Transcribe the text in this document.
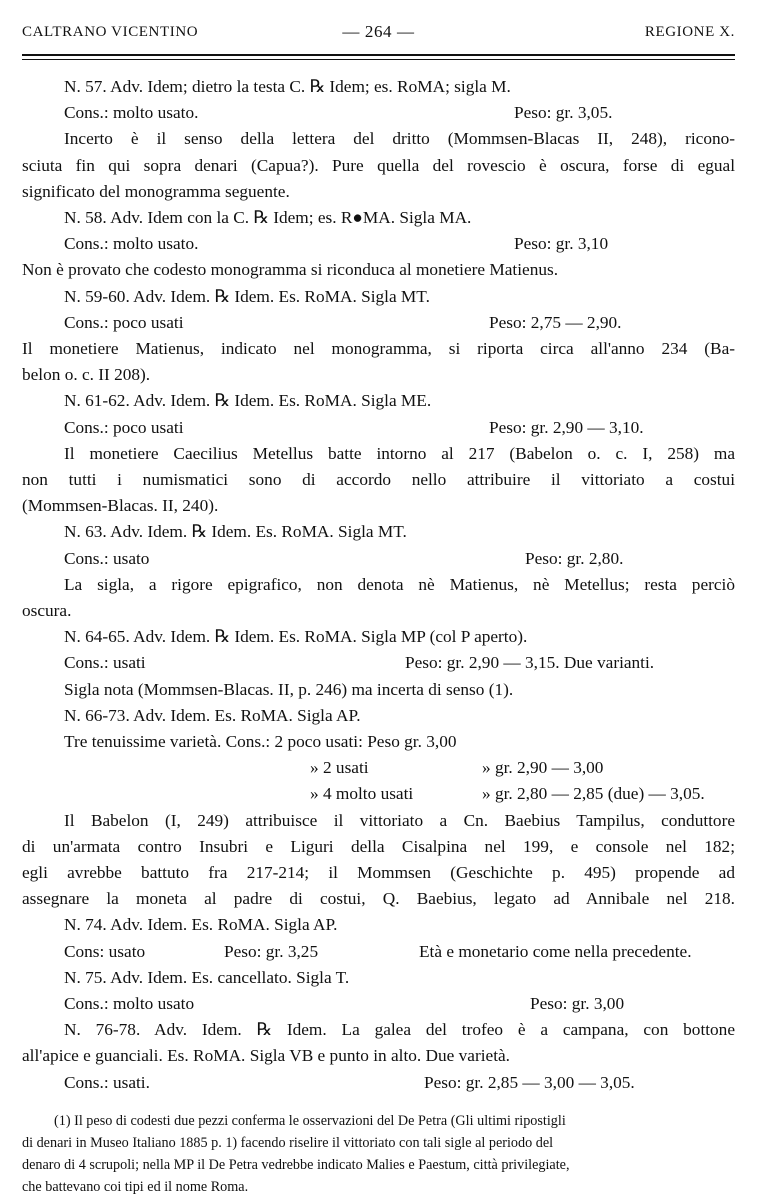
CALTRANO VICENTINO	— 264 —	REGIONE X.
N. 57. Adv. Idem; dietro la testa C. ℞ Idem; es. RoMA; sigla M.
Cons.: molto usato.	Peso: gr. 3,05.
Incerto è il senso della lettera del dritto (Mommsen-Blacas II, 248), ricono-
sciuta fin qui sopra denari (Capua?). Pure quella del rovescio è oscura, forse di egual
significato del monogramma seguente.
N. 58. Adv. Idem con la C. ℞ Idem; es. R●MA. Sigla MA.
Cons.: molto usato.	Peso: gr. 3,10
Non è provato che codesto monogramma si riconduca al monetiere Matienus.
N. 59-60. Adv. Idem. ℞ Idem. Es. RoMA. Sigla MT.
Cons.: poco usati	Peso: 2,75 — 2,90.
Il monetiere Matienus, indicato nel monogramma, si riporta circa all'anno 234 (Ba-
belon o. c. II 208).
N. 61-62. Adv. Idem. ℞ Idem. Es. RoMA. Sigla ME.
Cons.: poco usati	Peso: gr. 2,90 — 3,10.
Il monetiere Caecilius Metellus batte intorno al 217 (Babelon o. c. I, 258) ma
non tutti i numismatici sono di accordo nello attribuire il vittoriato a costui
(Mommsen-Blacas. II, 240).
N. 63. Adv. Idem. ℞ Idem. Es. RoMA. Sigla MT.
Cons.: usato	Peso: gr. 2,80.
La sigla, a rigore epigrafico, non denota nè Matienus, nè Metellus; resta perciò
oscura.
N. 64-65. Adv. Idem. ℞ Idem. Es. RoMA. Sigla MP (col P aperto).
Cons.: usati	Peso: gr. 2,90 — 3,15. Due varianti.
Sigla nota (Mommsen-Blacas. II, p. 246) ma incerta di senso (1).
N. 66-73. Adv. Idem. Es. RoMA. Sigla AP.
Tre tenuissime varietà. Cons.: 2 poco usati: Peso gr. 3,00
» 2 usati	» gr. 2,90 — 3,00
» 4 molto usati	» gr. 2,80 — 2,85 (due) — 3,05.
Il Babelon (I, 249) attribuisce il vittoriato a Cn. Baebius Tampilus, conduttore
di un'armata contro Insubri e Liguri della Cisalpina nel 199, e console nel 182;
egli avrebbe battuto fra 217-214; il Mommsen (Geschichte p. 495) propende ad
assegnare la moneta al padre di costui, Q. Baebius, legato ad Annibale nel 218.
N. 74. Adv. Idem. Es. RoMA. Sigla AP.
Cons: usato	Peso: gr. 3,25	Età e monetario come nella precedente.
N. 75. Adv. Idem. Es. cancellato. Sigla T.
Cons.: molto usato	Peso: gr. 3,00
N. 76-78. Adv. Idem. ℞ Idem. La galea del trofeo è a campana, con bottone
all'apice e guanciali. Es. RoMA. Sigla VB e punto in alto. Due varietà.
Cons.: usati.	Peso: gr. 2,85 — 3,00 — 3,05.
(1) Il peso di codesti due pezzi conferma le osservazioni del De Petra (Gli ultimi ripostigli
di denari in Museo Italiano 1885 p. 1) facendo riselire il vittoriato con tali sigle al periodo del
denaro di 4 scrupoli; nella MP il De Petra vedrebbe indicato Malies e Paestum, città privilegiate,
che battevano coi tipi ed il nome Roma.
